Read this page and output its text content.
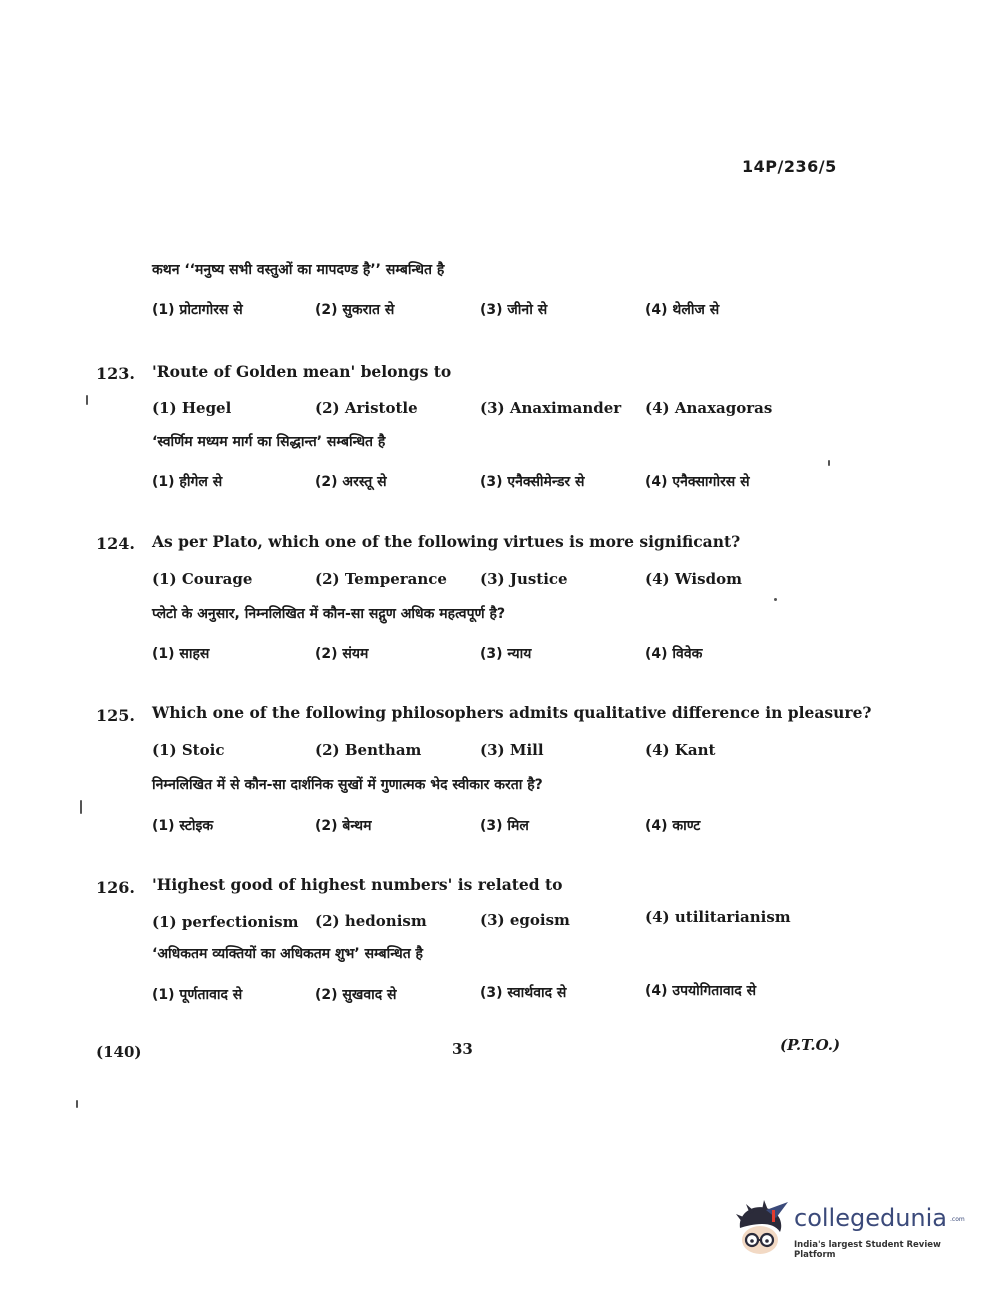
14P/236/5
कथन ‘‘मनुष्य सभी वस्तुओं का मापदण्ड है’’ सम्बन्धित है
(1) प्रोटागोरस से	(2) सुकरात से	(3) जीनो से	(4) थेलीज से
123. 'Route of Golden mean' belongs to
(1) Hegel	(2) Aristotle	(3) Anaximander (4) Anaxagoras
‘स्वर्णिम मध्यम मार्ग का सिद्धान्त’ सम्बन्धित है
(1) हीगेल से	(2) अरस्तू से	(3) एनैक्सीमेन्डर से	(4) एनैक्सागोरस से
124. As per Plato, which one of the following virtues is more significant?
(1) Courage	(2) Temperance (3) Justice	(4) Wisdom
प्लेटो के अनुसार, निम्नलिखित में कौन-सा सद्गुण अधिक महत्वपूर्ण है?
(1) साहस	(2) संयम	(3) न्याय	(4) विवेक
125. Which one of the following philosophers admits qualitative difference in pleasure?
(1) Stoic	(2) Bentham	(3) Mill	(4) Kant
निम्नलिखित में से कौन-सा दार्शनिक सुखों में गुणात्मक भेद स्वीकार करता है?
(1) स्टोइक	(2) बेन्थम	(3) मिल	(4) काण्ट
126. 'Highest good of highest numbers' is related to
(1) perfectionism (2) hedonism	(3) egoism	(4) utilitarianism
‘अधिकतम व्यक्तियों का अधिकतम शुभ’ सम्बन्धित है
(1) पूर्णतावाद से	(2) सुखवाद से	(3) स्वार्थवाद से	(4) उपयोगितावाद से
(140)	33	(P.T.O.)
collegedunia .com
India's largest Student Review Platform
